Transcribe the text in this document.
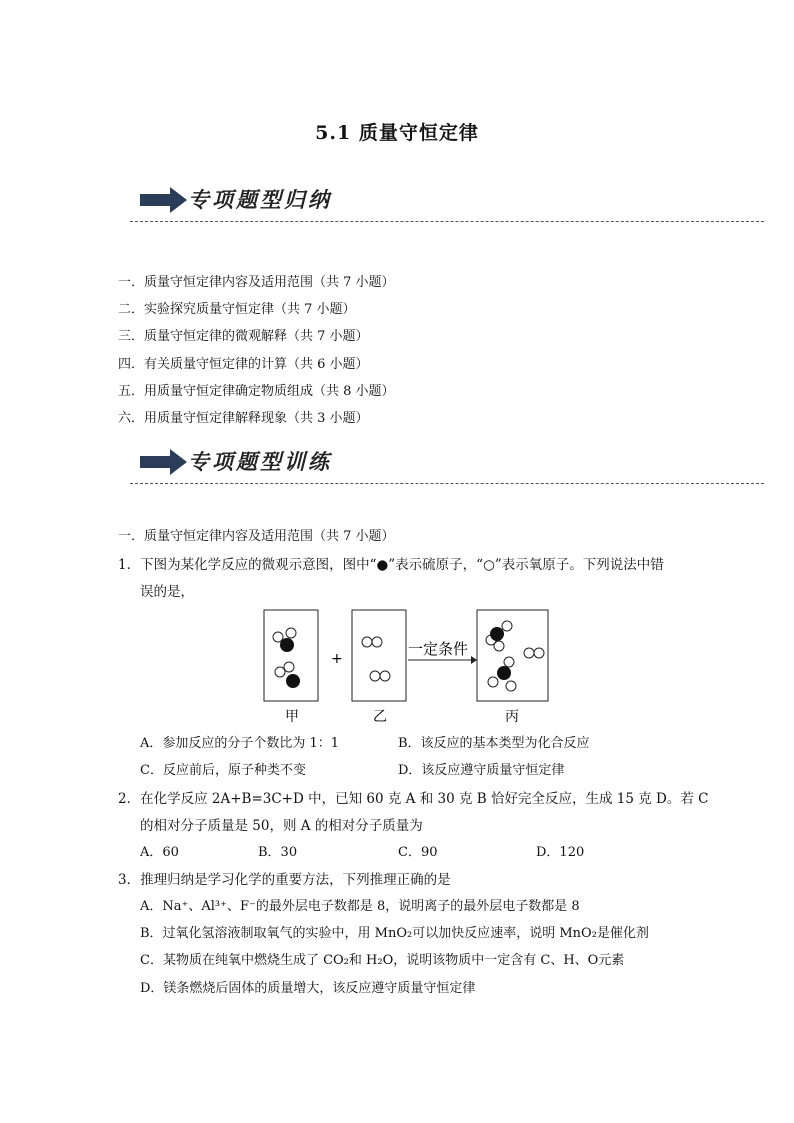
5.1 质量守恒定律
专项题型归纳
一．质量守恒定律内容及适用范围（共 7 小题）
二．实验探究质量守恒定律（共 7 小题）
三．质量守恒定律的微观解释（共 7 小题）
四．有关质量守恒定律的计算（共 6 小题）
五．用质量守恒定律确定物质组成（共 8 小题）
六．用质量守恒定律解释现象（共 3 小题）
专项题型训练
一．质量守恒定律内容及适用范围（共 7 小题）
1．下图为某化学反应的微观示意图，图中“●”表示硫原子，“○”表示氧原子。下列说法中错
误的是，
+
一定条件
甲	乙	丙
A．参加反应的分子个数比为 1：1	B．该反应的基本类型为化合反应
C．反应前后，原子种类不变	D．该反应遵守质量守恒定律
2．在化学反应 2A+B=3C+D 中，已知 60 克 A 和 30 克 B 恰好完全反应，生成 15 克 D。若 C
的相对分子质量是 50，则 A 的相对分子质量为
A．60	B．30	C．90	D．120
3．推理归纳是学习化学的重要方法，下列推理正确的是
A．Na⁺、Al³⁺、F⁻的最外层电子数都是 8，说明离子的最外层电子数都是 8
B．过氧化氢溶液制取氧气的实验中，用 MnO₂可以加快反应速率，说明 MnO₂是催化剂
C．某物质在纯氧中燃烧生成了 CO₂和 H₂O，说明该物质中一定含有 C、H、O元素
D．镁条燃烧后固体的质量增大，该反应遵守质量守恒定律
